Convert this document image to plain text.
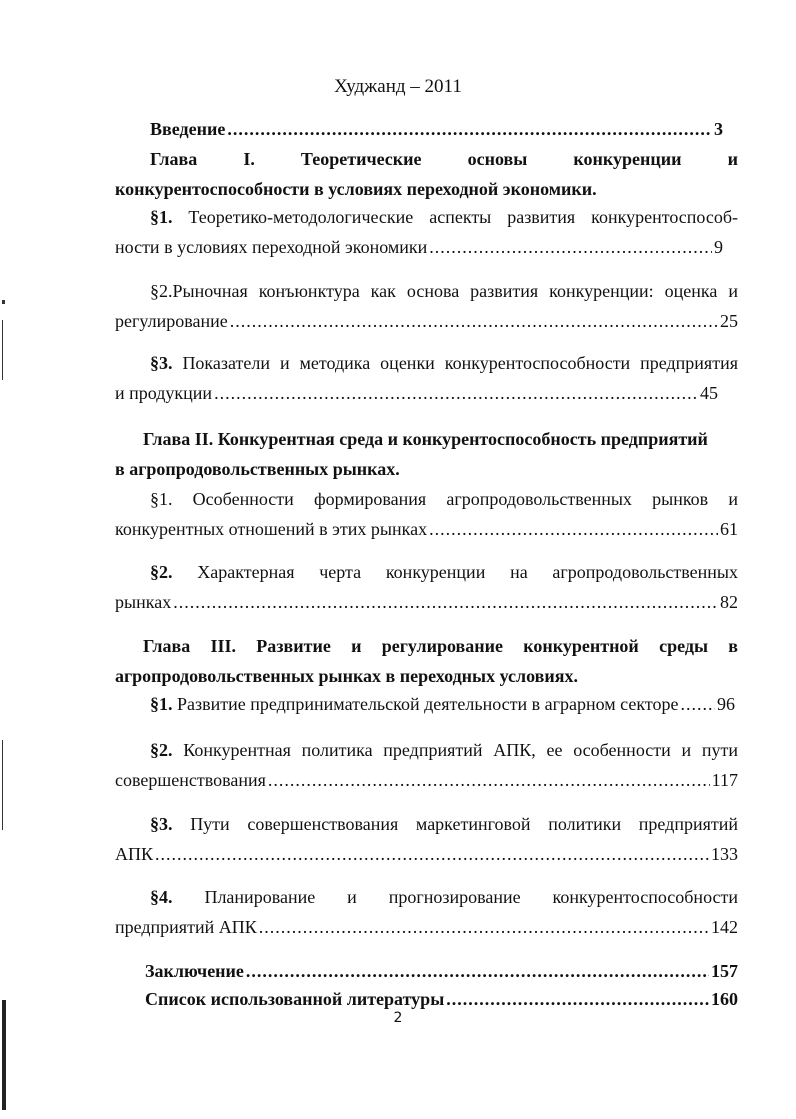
Худжанд – 2011
Введение .....	3
Глава	I.	Теоретические	основы	конкуренции	и
конкурентоспособности в условиях переходной экономики.
§1. Теоретико-методологические аспекты развития конкурентоспособ-
ности в условиях переходной экономики .....	9
§2.Рыночная конъюнктура как основа развития конкуренции: оценка и
регулирование .....	25
§3. Показатели и методика оценки конкурентоспособности предприятия
и продукции .....	45
Глава II. Конкурентная среда и конкурентоспособность предприятий
в агропродовольственных рынках.
§1. Особенности формирования агропродовольственных рынков и
конкурентных отношений в этих рынках .....	61
§2. Характерная черта конкуренции на агропродовольственных
рынках .....	82
Глава III. Развитие и регулирование конкурентной среды в
агропродовольственных рынках в переходных условиях.
§1.
Развитие предпринимательской деятельности в аграрном секторе ..... 96
§2. Конкурентная политика предприятий АПК, ее особенности и пути
совершенствования .....	117
§3. Пути совершенствования маркетинговой политики предприятий
АПК .....	133
§4. Планирование и прогнозирование конкурентоспособности
предприятий АПК .....	142
Заключение .....	157
Список использованной литературы .....	160
2
